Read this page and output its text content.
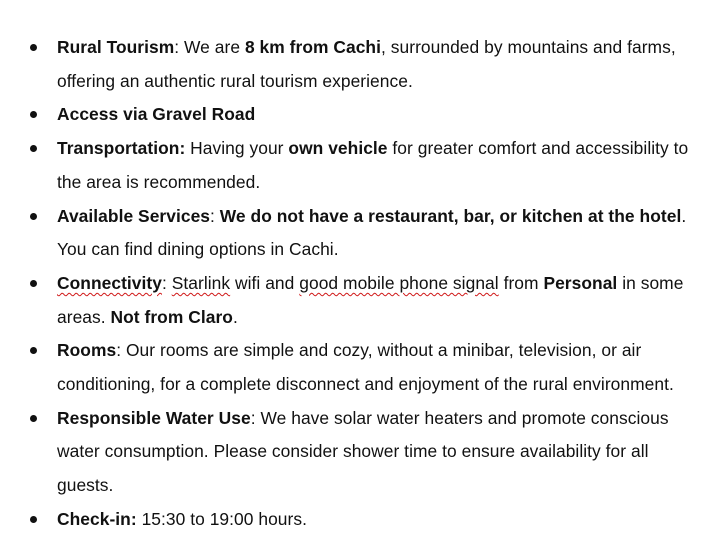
Rural Tourism: We are 8 km from Cachi, surrounded by mountains and farms, offering an authentic rural tourism experience.
Access via Gravel Road
Transportation: Having your own vehicle for greater comfort and accessibility to the area is recommended.
Available Services: We do not have a restaurant, bar, or kitchen at the hotel. You can find dining options in Cachi.
Connectivity: Starlink wifi and good mobile phone signal from Personal in some areas. Not from Claro.
Rooms: Our rooms are simple and cozy, without a minibar, television, or air conditioning, for a complete disconnect and enjoyment of the rural environment.
Responsible Water Use: We have solar water heaters and promote conscious water consumption. Please consider shower time to ensure availability for all guests.
Check-in: 15:30 to 19:00 hours.
